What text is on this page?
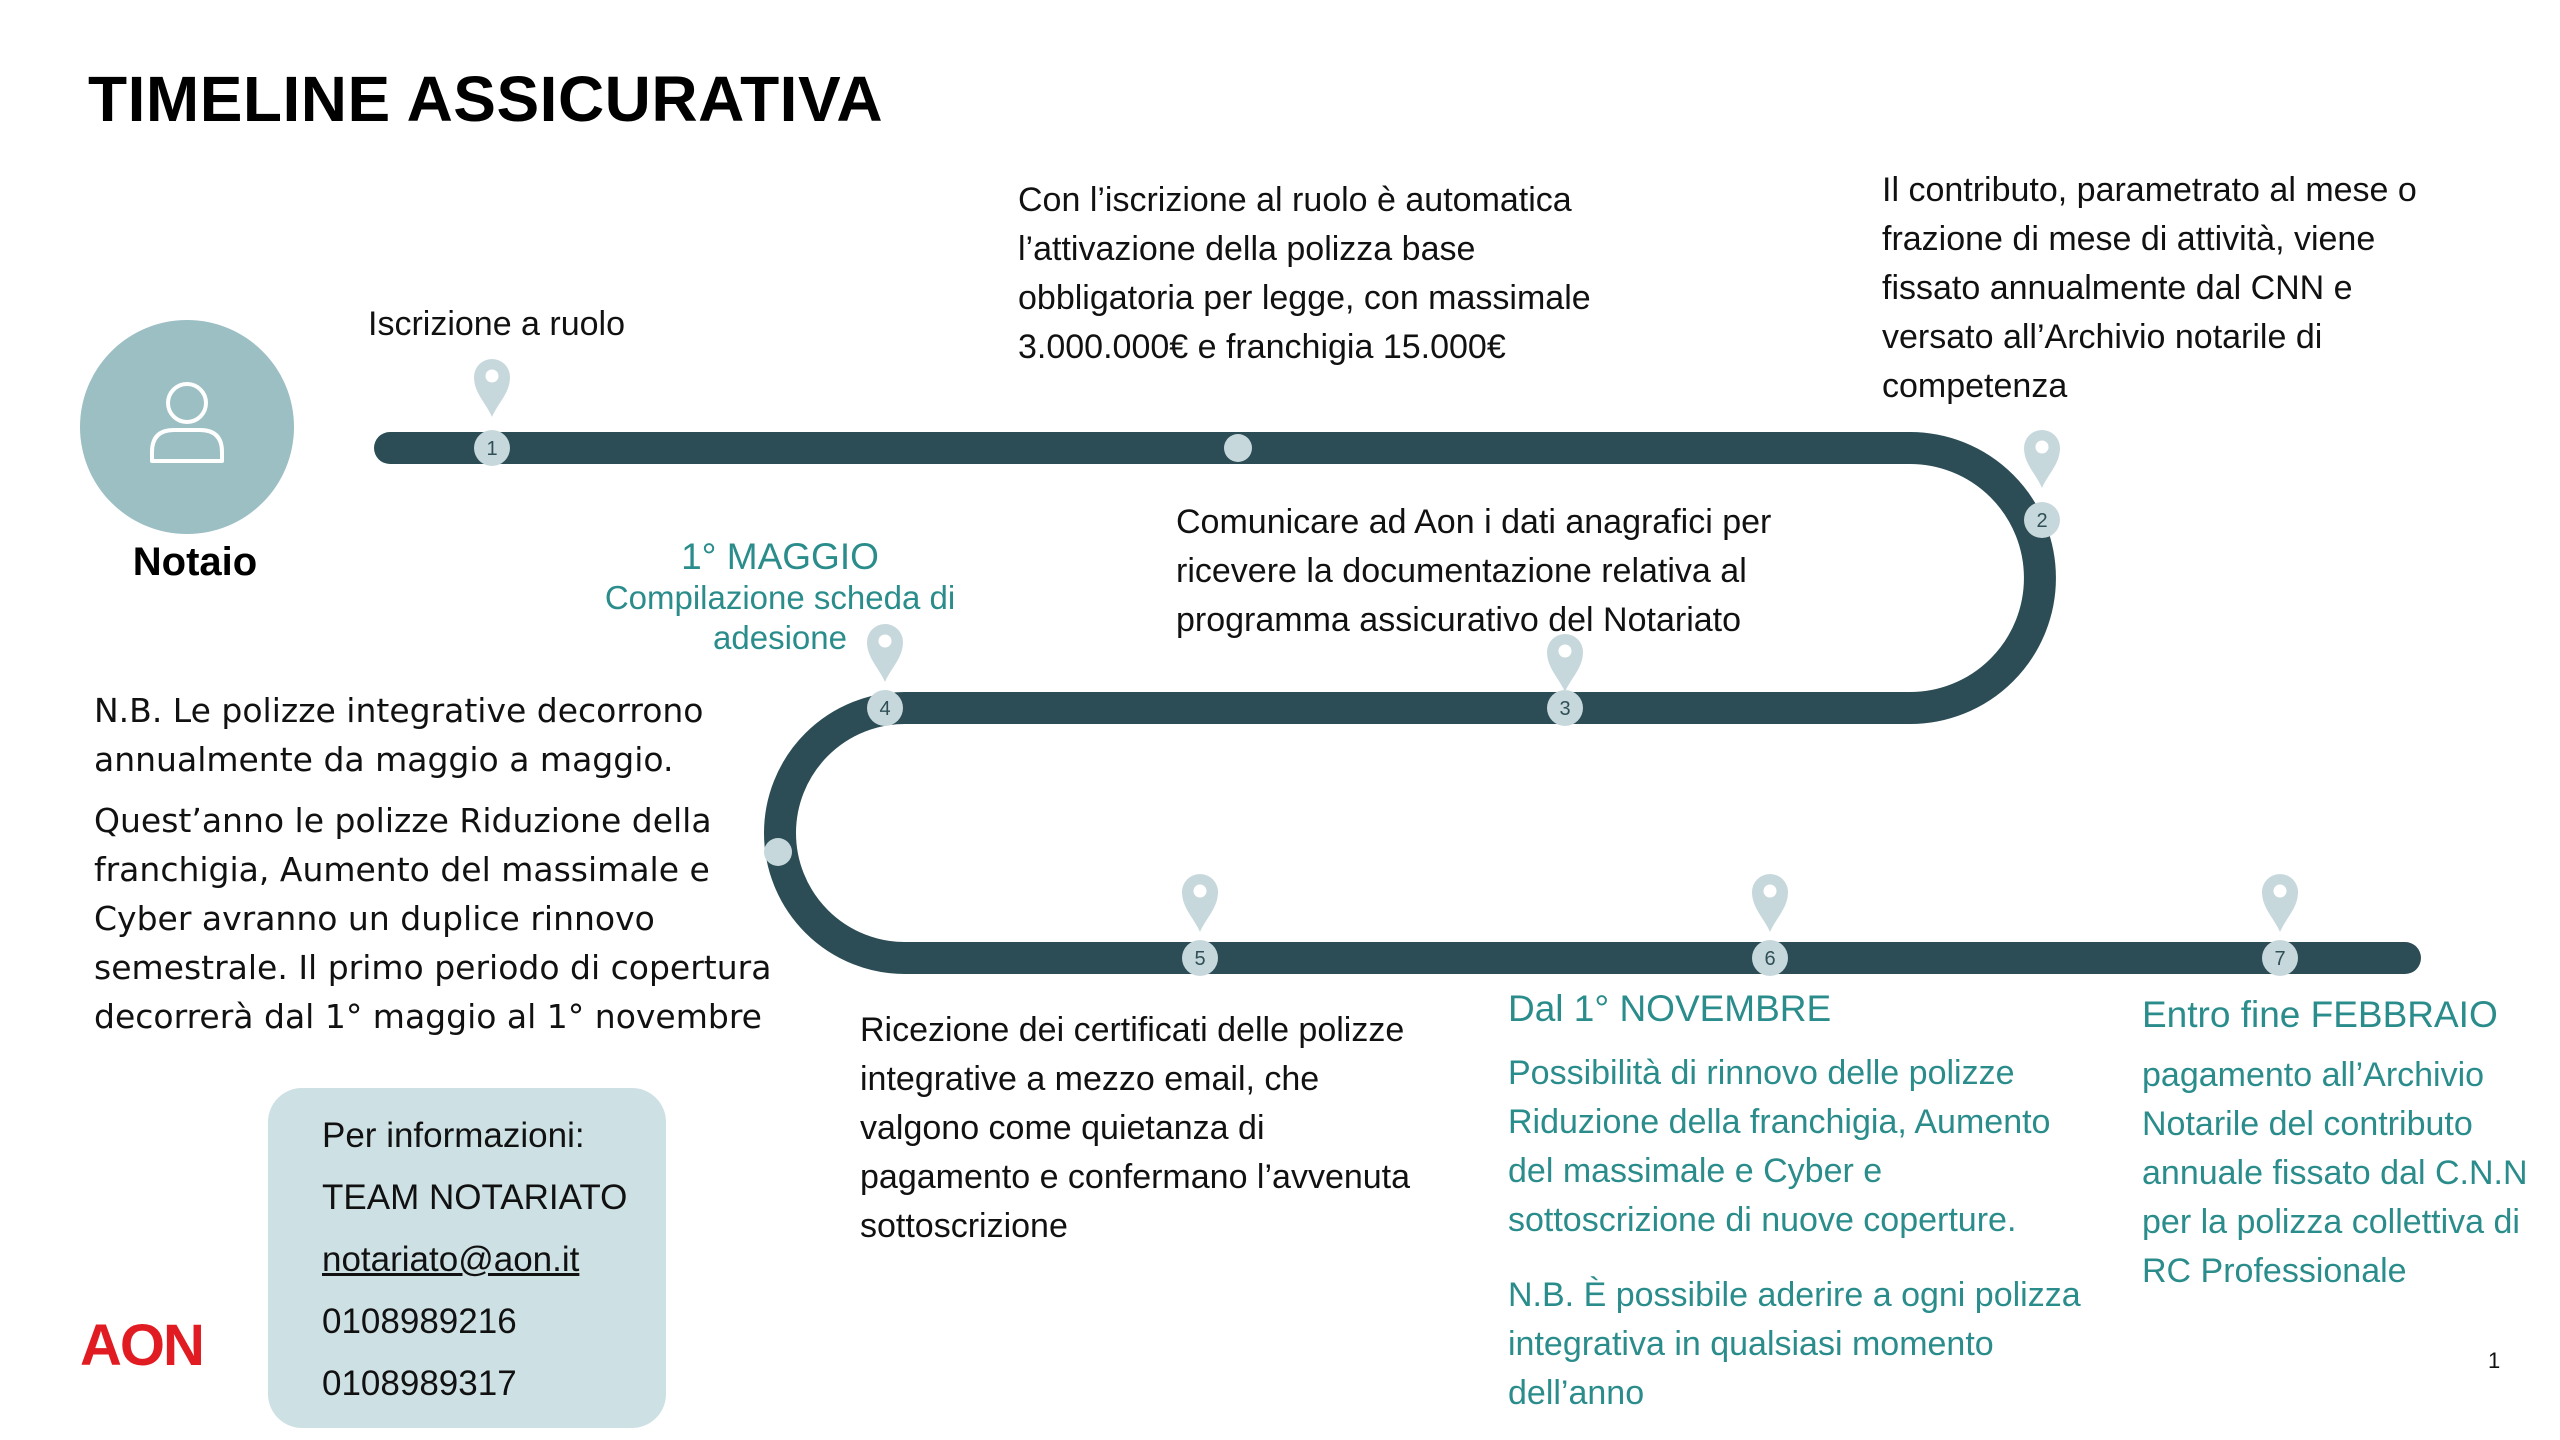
TIMELINE ASSICURATIVA
1
2
3
4
5	6	7
Notaio
Iscrizione a ruolo
Con l’iscrizione al ruolo è automatica
l’attivazione della polizza base
obbligatoria per legge, con massimale
3.000.000€ e franchigia 15.000€
Il contributo, parametrato al mese o
frazione di mese di attività, viene
fissato annualmente dal CNN e
versato all’Archivio notarile di
competenza
Comunicare ad Aon i dati anagrafici per
ricevere la documentazione relativa al
programma assicurativo del Notariato
1° MAGGIO
Compilazione scheda di
adesione
N.B. Le polizze integrative decorrono
annualmente da maggio a maggio.
Quest’anno le polizze Riduzione della
franchigia, Aumento del massimale e
Cyber avranno un duplice rinnovo
semestrale. Il primo periodo di copertura
decorrerà dal 1° maggio al 1° novembre	Ricezione dei certificati delle polizze
integrative a mezzo email, che
valgono come quietanza di
pagamento e confermano l’avvenuta
sottoscrizione
Dal 1° NOVEMBRE
Possibilità di rinnovo delle polizze
Riduzione della franchigia, Aumento
del massimale e Cyber e
sottoscrizione di nuove coperture.
N.B. È possibile aderire a ogni polizza
integrativa in qualsiasi momento
dell’anno
Entro fine FEBBRAIO
pagamento all’Archivio
Notarile del contributo
annuale fissato dal C.N.N
per la polizza collettiva di
RC Professionale
Per informazioni:
TEAM NOTARIATO
notariato@aon.it
0108989216
0108989317
AON	1
